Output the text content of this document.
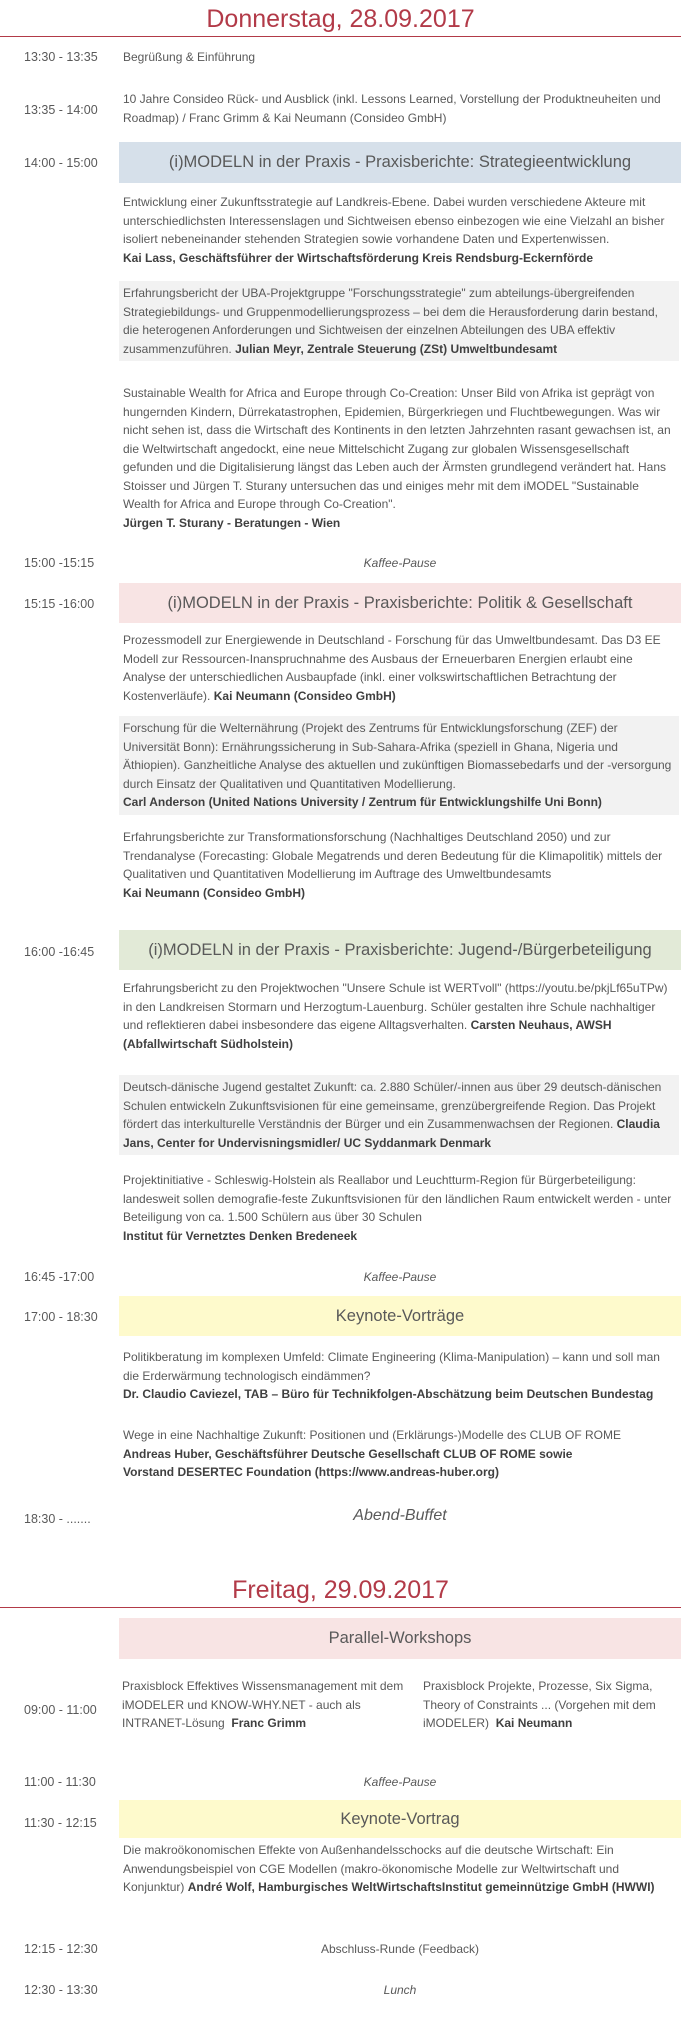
Donnerstag, 28.09.2017
13:30 - 13:35	Begrüßung & Einführung
13:35 - 14:00
10 Jahre Consideo Rück- und Ausblick (inkl. Lessons Learned, Vorstellung der Produktneuheiten und Roadmap) / Franc Grimm & Kai Neumann (Consideo GmbH)
14:00 - 15:00	(i)MODELN in der Praxis - Praxisberichte: Strategieentwicklung
Entwicklung einer Zukunftsstrategie auf Landkreis-Ebene. Dabei wurden verschiedene Akteure mit unterschiedlichsten Interessenslagen und Sichtweisen ebenso einbezogen wie eine Vielzahl an bisher isoliert nebeneinander stehenden Strategien sowie vorhandene Daten und Expertenwissen.
Kai Lass, Geschäftsführer der Wirtschaftsförderung Kreis Rendsburg-Eckernförde
Erfahrungsbericht der UBA-Projektgruppe "Forschungsstrategie" zum abteilungs-übergreifenden Strategiebildungs- und Gruppenmodellierungsprozess – bei dem die Herausforderung darin bestand, die heterogenen Anforderungen und Sichtweisen der einzelnen Abteilungen des UBA effektiv zusammenzuführen. Julian Meyr, Zentrale Steuerung (ZSt) Umweltbundesamt
Sustainable Wealth for Africa and Europe through Co-Creation: Unser Bild von Afrika ist geprägt von hungernden Kindern, Dürrekatastrophen, Epidemien, Bürgerkriegen und Fluchtbewegungen. Was wir nicht sehen ist, dass die Wirtschaft des Kontinents in den letzten Jahrzehnten rasant gewachsen ist, an die Weltwirtschaft angedockt, eine neue Mittelschicht Zugang zur globalen Wissensgesellschaft gefunden und die Digitalisierung längst das Leben auch der Ärmsten grundlegend verändert hat. Hans Stoisser und Jürgen T. Sturany untersuchen das und einiges mehr mit dem iMODEL "Sustainable Wealth for Africa and Europe through Co-Creation".
Jürgen T. Sturany - Beratungen - Wien
15:00 -15:15	Kaffee-Pause
15:15 -16:00	(i)MODELN in der Praxis - Praxisberichte: Politik & Gesellschaft
Prozessmodell zur Energiewende in Deutschland - Forschung für das Umweltbundesamt. Das D3 EE Modell zur Ressourcen-Inanspruchnahme des Ausbaus der Erneuerbaren Energien erlaubt eine Analyse der unterschiedlichen Ausbaupfade (inkl. einer volkswirtschaftlichen Betrachtung der Kostenverläufe). Kai Neumann (Consideo GmbH)
Forschung für die Welternährung (Projekt des Zentrums für Entwicklungsforschung (ZEF) der Universität Bonn): Ernährungssicherung in Sub-Sahara-Afrika (speziell in Ghana, Nigeria und Äthiopien). Ganzheitliche Analyse des aktuellen und zukünftigen Biomassebedarfs und der -versorgung durch Einsatz der Qualitativen und Quantitativen Modellierung.
Carl Anderson (United Nations University / Zentrum für Entwicklungshilfe Uni Bonn)
Erfahrungsberichte zur Transformationsforschung (Nachhaltiges Deutschland 2050) und zur Trendanalyse (Forecasting: Globale Megatrends und deren Bedeutung für die Klimapolitik) mittels der Qualitativen und Quantitativen Modellierung im Auftrage des Umweltbundesamts
Kai Neumann (Consideo GmbH)
16:00 -16:45	(i)MODELN in der Praxis - Praxisberichte: Jugend-/Bürgerbeteiligung
Erfahrungsbericht zu den Projektwochen "Unsere Schule ist WERTvoll" (https://youtu.be/pkjLf65uTPw) in den Landkreisen Stormarn und Herzogtum-Lauenburg. Schüler gestalten ihre Schule nachhaltiger und reflektieren dabei insbesondere das eigene Alltagsverhalten. Carsten Neuhaus, AWSH (Abfallwirtschaft Südholstein)
Deutsch-dänische Jugend gestaltet Zukunft: ca. 2.880 Schüler/-innen aus über 29 deutsch-dänischen Schulen entwickeln Zukunftsvisionen für eine gemeinsame, grenzübergreifende Region. Das Projekt fördert das interkulturelle Verständnis der Bürger und ein Zusammenwachsen der Regionen. Claudia Jans, Center for Undervisningsmidler/ UC Syddanmark Denmark
Projektinitiative - Schleswig-Holstein als Reallabor und Leuchtturm-Region für Bürgerbeteiligung: landesweit sollen demografie-feste Zukunftsvisionen für den ländlichen Raum entwickelt werden - unter Beteiligung von ca. 1.500 Schülern aus über 30 Schulen
Institut für Vernetztes Denken Bredeneek
16:45 -17:00	Kaffee-Pause
17:00 - 18:30	Keynote-Vorträge
Politikberatung im komplexen Umfeld: Climate Engineering (Klima-Manipulation) – kann und soll man die Erderwärmung technologisch eindämmen?
Dr. Claudio Caviezel, TAB – Büro für Technikfolgen-Abschätzung beim Deutschen Bundestag
Wege in eine Nachhaltige Zukunft: Positionen und (Erklärungs-)Modelle des CLUB OF ROME
Andreas Huber, Geschäftsführer Deutsche Gesellschaft CLUB OF ROME sowie
Vorstand DESERTEC Foundation (https://www.andreas-huber.org)
18:30 - .......	Abend-Buffet
Freitag, 29.09.2017
Parallel-Workshops
09:00 - 11:00
Praxisblock Effektives Wissensmanagement mit dem iMODELER und KNOW-WHY.NET - auch als INTRANET-Lösung Franc Grimm
Praxisblock Projekte, Prozesse, Six Sigma, Theory of Constraints ... (Vorgehen mit dem iMODELER) Kai Neumann
11:00 - 11:30	Kaffee-Pause
11:30 - 12:15	Keynote-Vortrag
Die makroökonomischen Effekte von Außenhandelsschocks auf die deutsche Wirtschaft: Ein Anwendungsbeispiel von CGE Modellen (makro-ökonomische Modelle zur Weltwirtschaft und Konjunktur) André Wolf, Hamburgisches WeltWirtschaftsInstitut gemeinnützige GmbH (HWWI)
12:15 - 12:30	Abschluss-Runde (Feedback)
12:30 - 13:30	Lunch
